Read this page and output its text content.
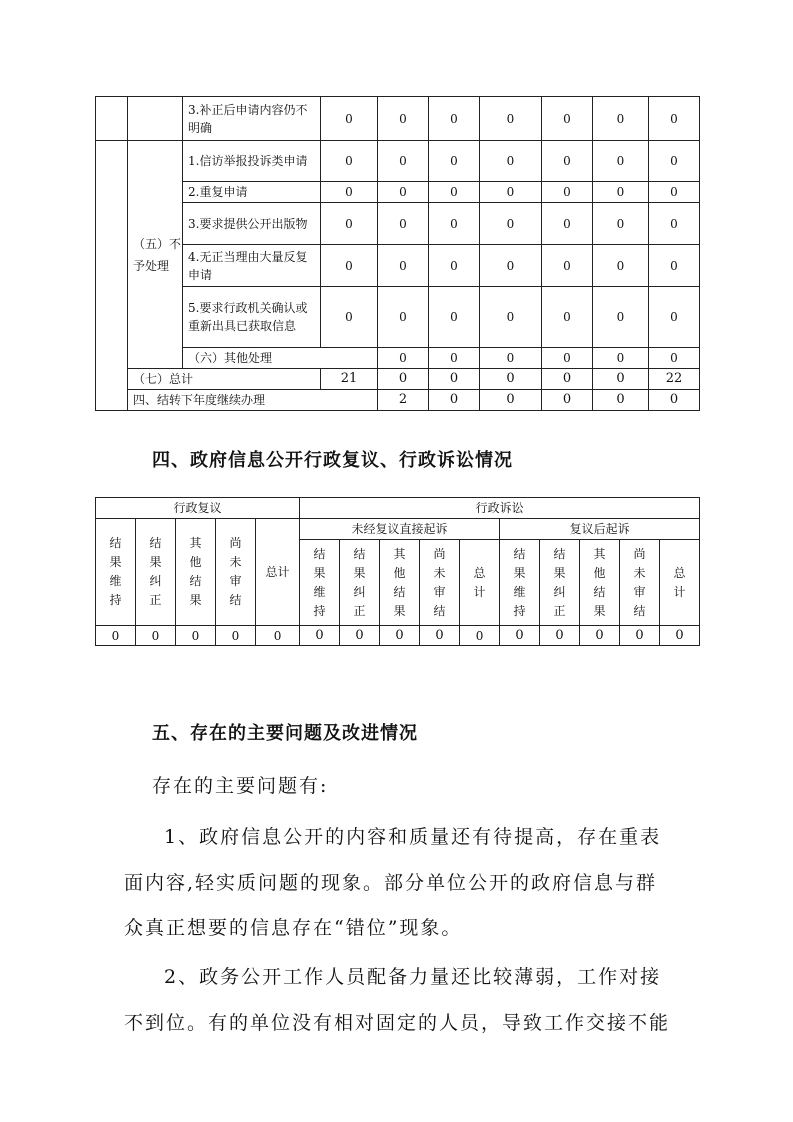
		3.补正后申请内容仍不明确	0	0	0	0	0	0	0	
	（五）不予处理	1.信访举报投诉类申请	0	0	0	0	0	0	0	
		2.重复申请	0	0	0	0	0	0	0	
		3.要求提供公开出版物	0	0	0	0	0	0	0	
		4.无正当理由大量反复申请	0	0	0	0	0	0	0	
		5.要求行政机关确认或重新出具已获取信息	0	0	0	0	0	0	0	
		（六）其他处理		0	0	0	0	0	0	
	（七）总计		21	0	0	0	0	0	22	
	四、结转下年度继续办理			2	0	0	0	0	0	
四、政府信息公开行政复议、行政诉讼情况
行政复议					行政诉讼									
结果维持	结果纠正	其他结果	尚未审结	总计	未经复议直接起诉					复议后起诉				
					结果维持	结果纠正	其他结果	尚未审结	总计	结果维持	结果纠正	其他结果	尚未审结	总计
0	0	0	0	0	0	0	0	0	0	0	0	0	0	0
五、存在的主要问题及改进情况

存在的主要问题有:

1、政府信息公开的内容和质量还有待提高，存在重表

面内容,轻实质问题的现象。部分单位公开的政府信息与群

众真正想要的信息存在“错位”现象。

2、政务公开工作人员配备力量还比较薄弱，工作对接

不到位。有的单位没有相对固定的人员，导致工作交接不能
